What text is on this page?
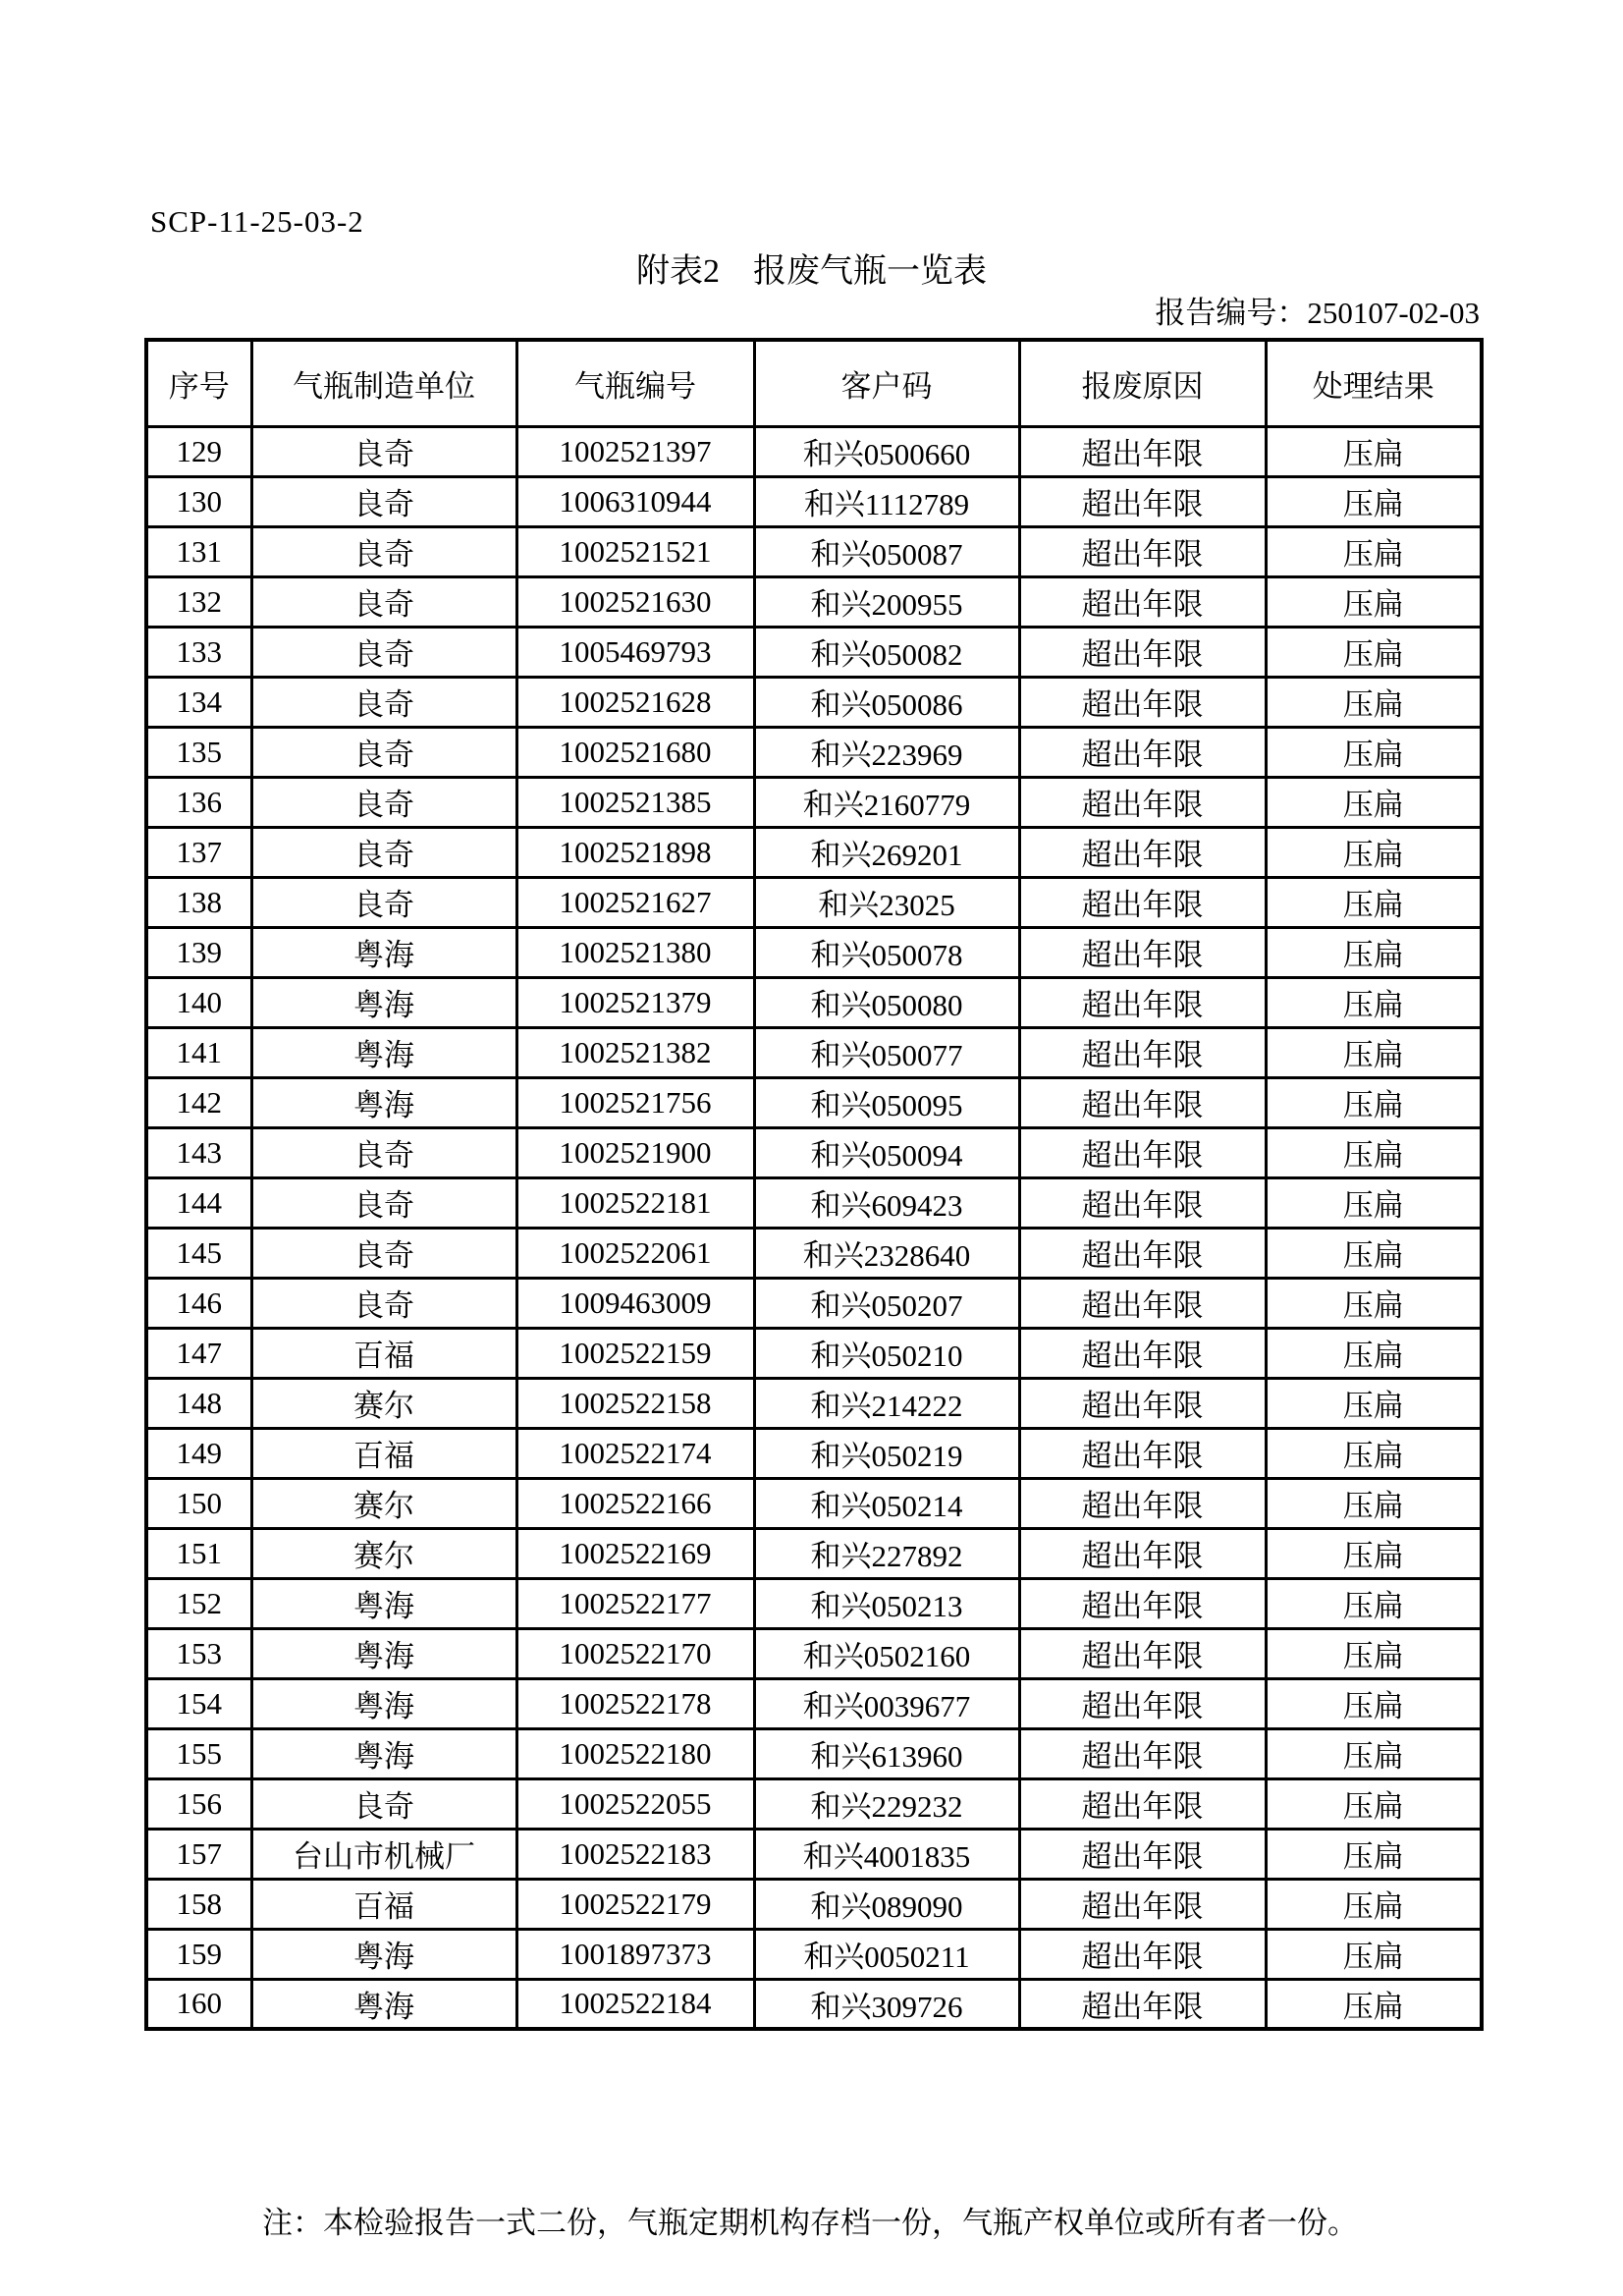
SCP-11-25-03-2
附表2　报废气瓶一览表
报告编号：250107-02-03
序号	气瓶制造单位	气瓶编号	客户码	报废原因	处理结果
129	良奇	1002521397	和兴0500660	超出年限	压扁
130	良奇	1006310944	和兴1112789	超出年限	压扁
131	良奇	1002521521	和兴050087	超出年限	压扁
132	良奇	1002521630	和兴200955	超出年限	压扁
133	良奇	1005469793	和兴050082	超出年限	压扁
134	良奇	1002521628	和兴050086	超出年限	压扁
135	良奇	1002521680	和兴223969	超出年限	压扁
136	良奇	1002521385	和兴2160779	超出年限	压扁
137	良奇	1002521898	和兴269201	超出年限	压扁
138	良奇	1002521627	和兴23025	超出年限	压扁
139	粤海	1002521380	和兴050078	超出年限	压扁
140	粤海	1002521379	和兴050080	超出年限	压扁
141	粤海	1002521382	和兴050077	超出年限	压扁
142	粤海	1002521756	和兴050095	超出年限	压扁
143	良奇	1002521900	和兴050094	超出年限	压扁
144	良奇	1002522181	和兴609423	超出年限	压扁
145	良奇	1002522061	和兴2328640	超出年限	压扁
146	良奇	1009463009	和兴050207	超出年限	压扁
147	百福	1002522159	和兴050210	超出年限	压扁
148	赛尔	1002522158	和兴214222	超出年限	压扁
149	百福	1002522174	和兴050219	超出年限	压扁
150	赛尔	1002522166	和兴050214	超出年限	压扁
151	赛尔	1002522169	和兴227892	超出年限	压扁
152	粤海	1002522177	和兴050213	超出年限	压扁
153	粤海	1002522170	和兴0502160	超出年限	压扁
154	粤海	1002522178	和兴0039677	超出年限	压扁
155	粤海	1002522180	和兴613960	超出年限	压扁
156	良奇	1002522055	和兴229232	超出年限	压扁
157	台山市机械厂	1002522183	和兴4001835	超出年限	压扁
158	百福	1002522179	和兴089090	超出年限	压扁
159	粤海	1001897373	和兴0050211	超出年限	压扁
160	粤海	1002522184	和兴309726	超出年限	压扁
注：本检验报告一式二份，气瓶定期机构存档一份，气瓶产权单位或所有者一份。
